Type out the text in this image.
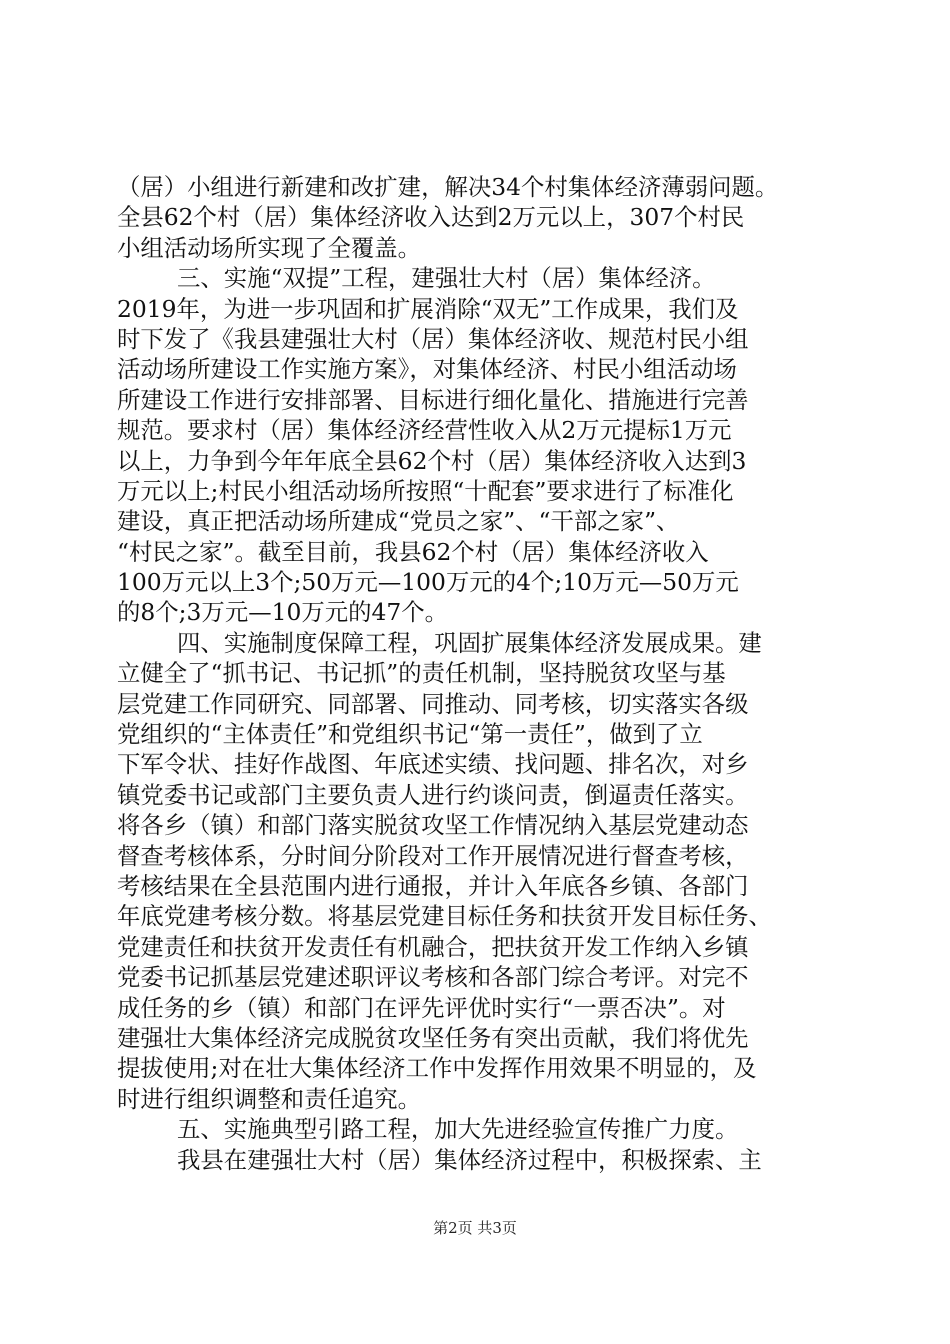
（居）小组进行新建和改扩建，解决34个村集体经济薄弱问题。
全县62个村（居）集体经济收入达到2万元以上，307个村民
小组活动场所实现了全覆盖。
三、实施“双提”工程，建强壮大村（居）集体经济。
2019年，为进一步巩固和扩展消除“双无”工作成果，我们及
时下发了《我县建强壮大村（居）集体经济收、规范村民小组
活动场所建设工作实施方案》，对集体经济、村民小组活动场
所建设工作进行安排部署、目标进行细化量化、措施进行完善
规范。要求村（居）集体经济经营性收入从2万元提标1万元
以上，力争到今年年底全县62个村（居）集体经济收入达到3
万元以上;村民小组活动场所按照“十配套”要求进行了标准化
建设，真正把活动场所建成“党员之家”、“干部之家”、
“村民之家”。截至目前，我县62个村（居）集体经济收入
100万元以上3个;50万元—100万元的4个;10万元—50万元
的8个;3万元—10万元的47个。
四、实施制度保障工程，巩固扩展集体经济发展成果。建
立健全了“抓书记、书记抓”的责任机制，坚持脱贫攻坚与基
层党建工作同研究、同部署、同推动、同考核，切实落实各级
党组织的“主体责任”和党组织书记“第一责任”，做到了立
下军令状、挂好作战图、年底述实绩、找问题、排名次，对乡
镇党委书记或部门主要负责人进行约谈问责，倒逼责任落实。
将各乡（镇）和部门落实脱贫攻坚工作情况纳入基层党建动态
督查考核体系，分时间分阶段对工作开展情况进行督查考核，
考核结果在全县范围内进行通报，并计入年底各乡镇、各部门
年底党建考核分数。将基层党建目标任务和扶贫开发目标任务、
党建责任和扶贫开发责任有机融合，把扶贫开发工作纳入乡镇
党委书记抓基层党建述职评议考核和各部门综合考评。对完不
成任务的乡（镇）和部门在评先评优时实行“一票否决”。对
建强壮大集体经济完成脱贫攻坚任务有突出贡献，我们将优先
提拔使用;对在壮大集体经济工作中发挥作用效果不明显的，及
时进行组织调整和责任追究。
五、实施典型引路工程，加大先进经验宣传推广力度。
我县在建强壮大村（居）集体经济过程中，积极探索、主
第2页 共3页
